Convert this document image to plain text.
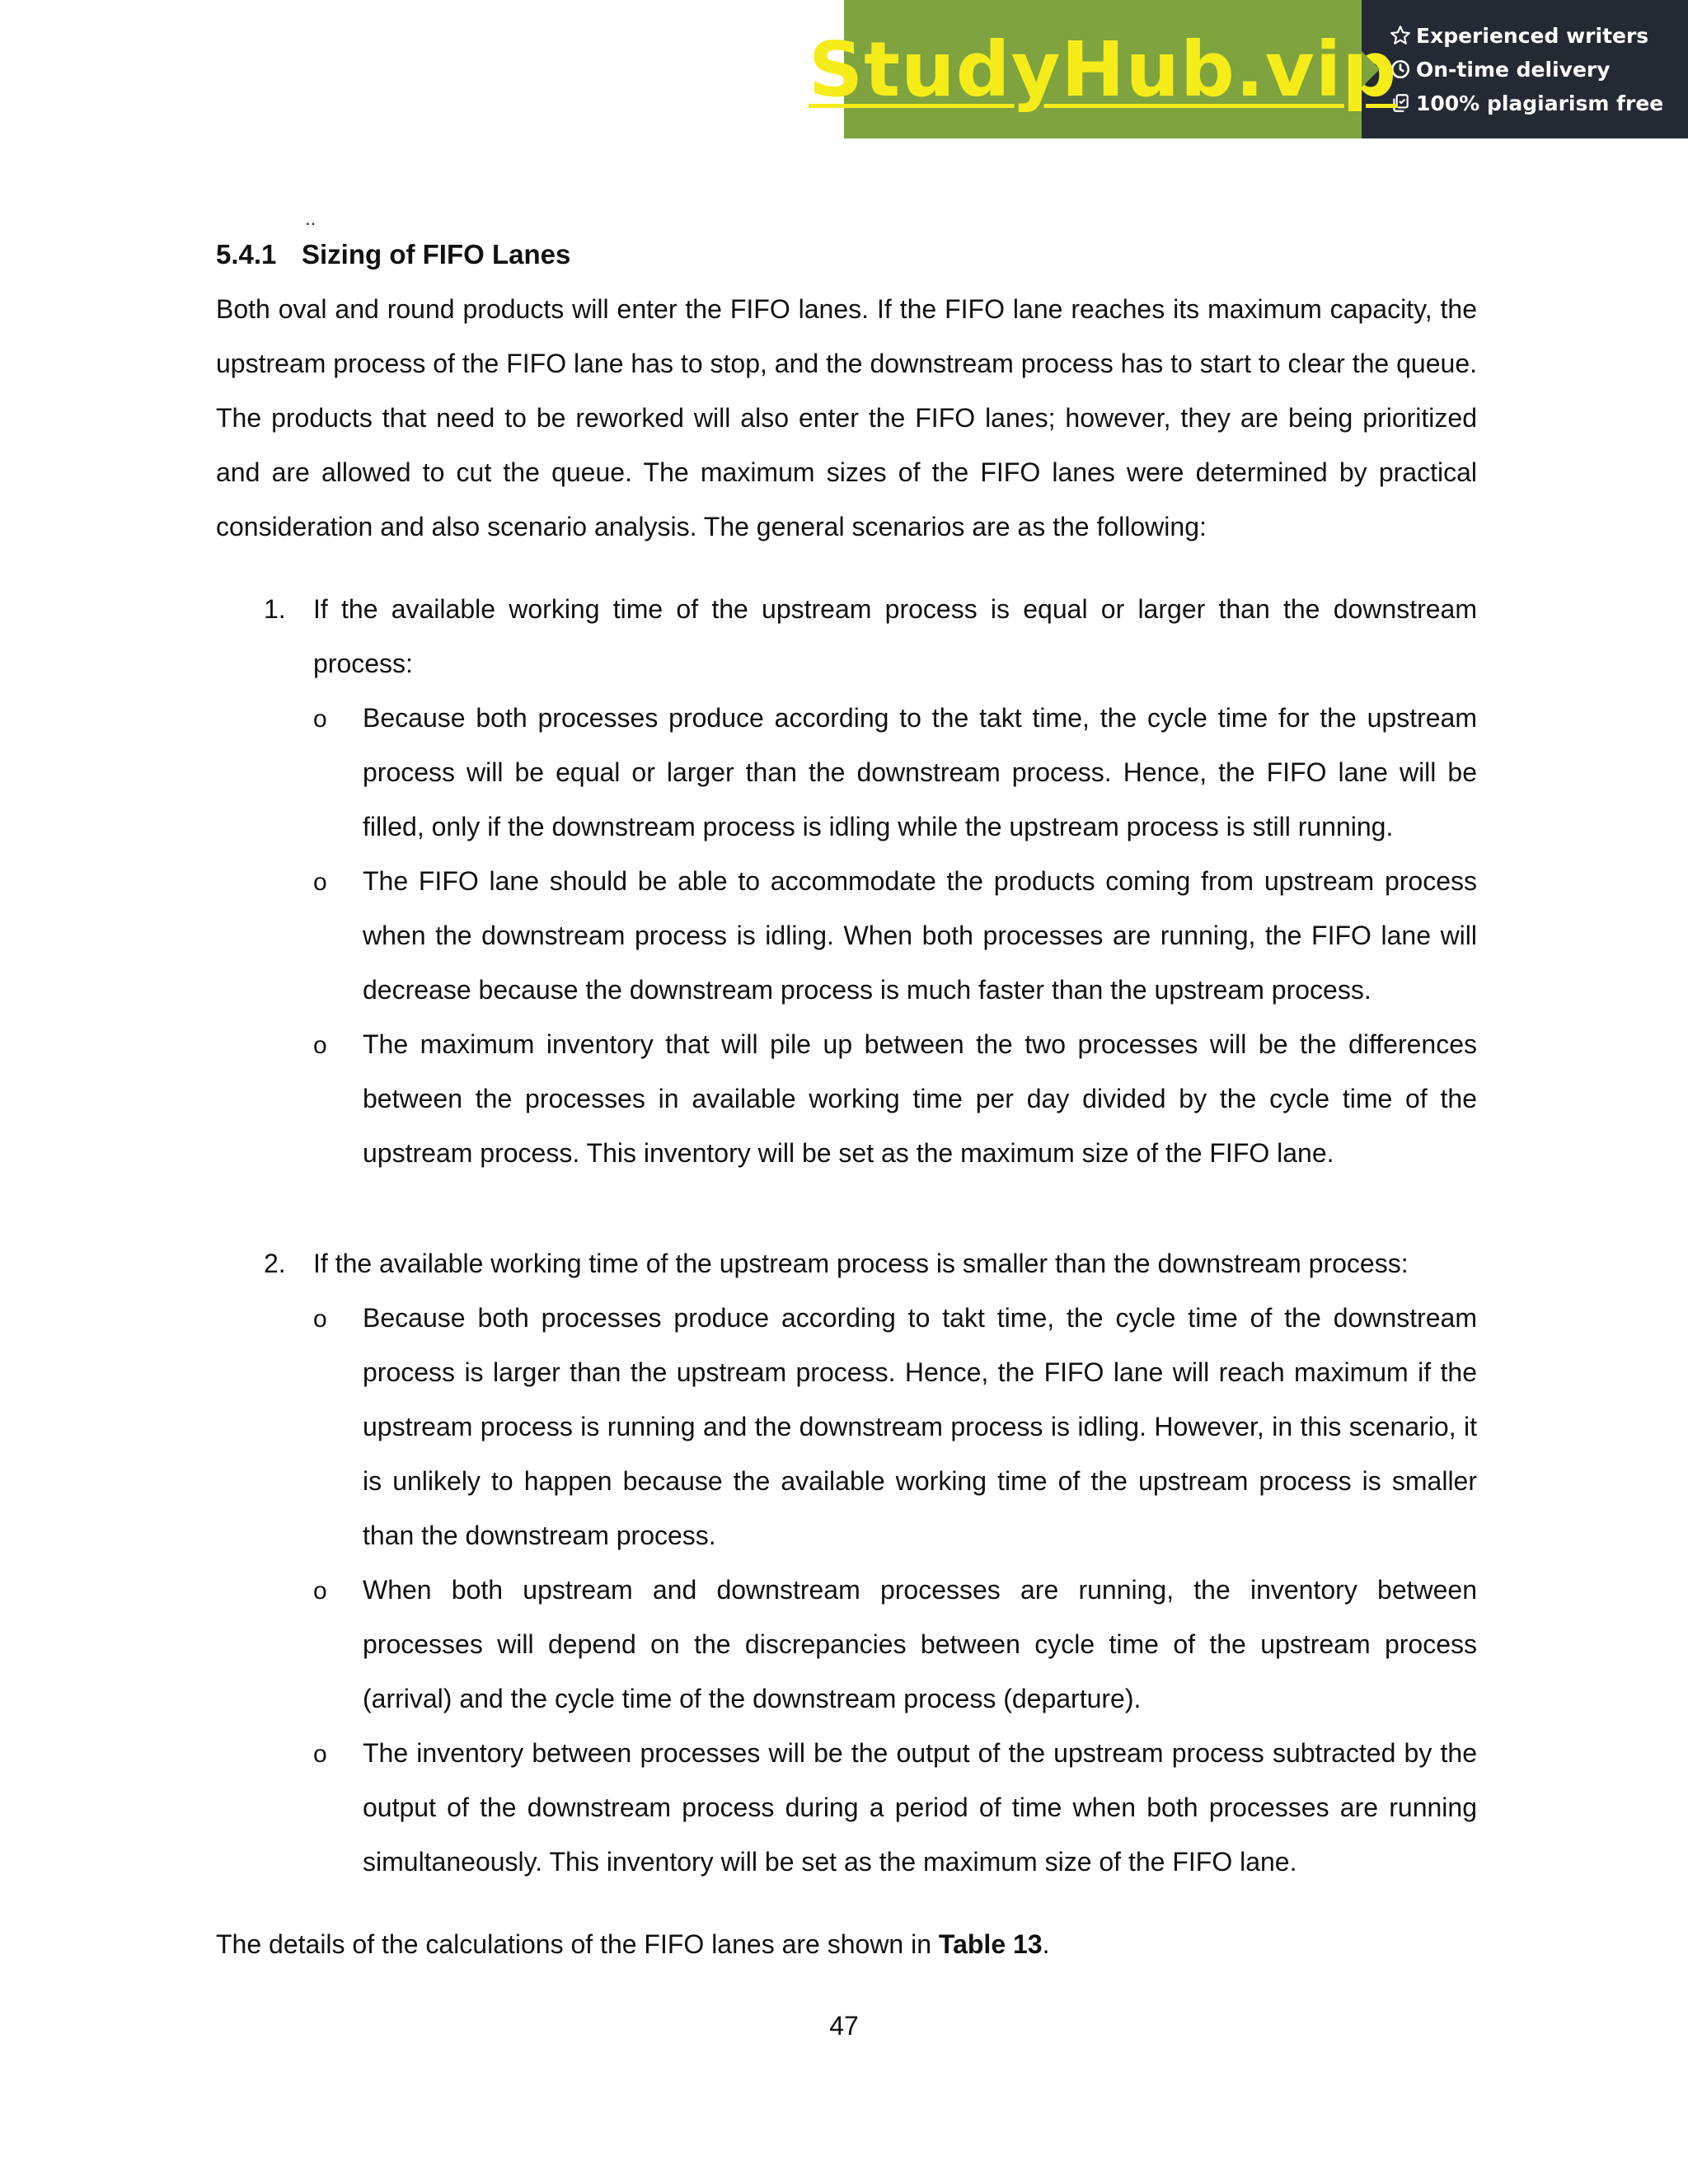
StudyHub.vip Experienced writers
On-time delivery
100% plagiarism free
..
5.4.1 Sizing of FIFO Lanes

Both oval and round products will enter the FIFO lanes. If the FIFO lane reaches its maximum capacity, the upstream process of the FIFO lane has to stop, and the downstream process has to start to clear the queue. The products that need to be reworked will also enter the FIFO lanes; however, they are being prioritized and are allowed to cut the queue. The maximum sizes of the FIFO lanes were determined by practical consideration and also scenario analysis. The general scenarios are as the following:

1. If the available working time of the upstream process is equal or larger than the downstream process:
o Because both processes produce according to the takt time, the cycle time for the upstream process will be equal or larger than the downstream process. Hence, the FIFO lane will be filled, only if the downstream process is idling while the upstream process is still running.
o The FIFO lane should be able to accommodate the products coming from upstream process when the downstream process is idling. When both processes are running, the FIFO lane will decrease because the downstream process is much faster than the upstream process.
o The maximum inventory that will pile up between the two processes will be the differences between the processes in available working time per day divided by the cycle time of the upstream process. This inventory will be set as the maximum size of the FIFO lane.
2. If the available working time of the upstream process is smaller than the downstream process:
o Because both processes produce according to takt time, the cycle time of the downstream process is larger than the upstream process. Hence, the FIFO lane will reach maximum if the upstream process is running and the downstream process is idling. However, in this scenario, it is unlikely to happen because the available working time of the upstream process is smaller than the downstream process.
o When both upstream and downstream processes are running, the inventory between processes will depend on the discrepancies between cycle time of the upstream process (arrival) and the cycle time of the downstream process (departure).
o The inventory between processes will be the output of the upstream process subtracted by the output of the downstream process during a period of time when both processes are running simultaneously. This inventory will be set as the maximum size of the FIFO lane.

The details of the calculations of the FIFO lanes are shown in Table 13.

47
